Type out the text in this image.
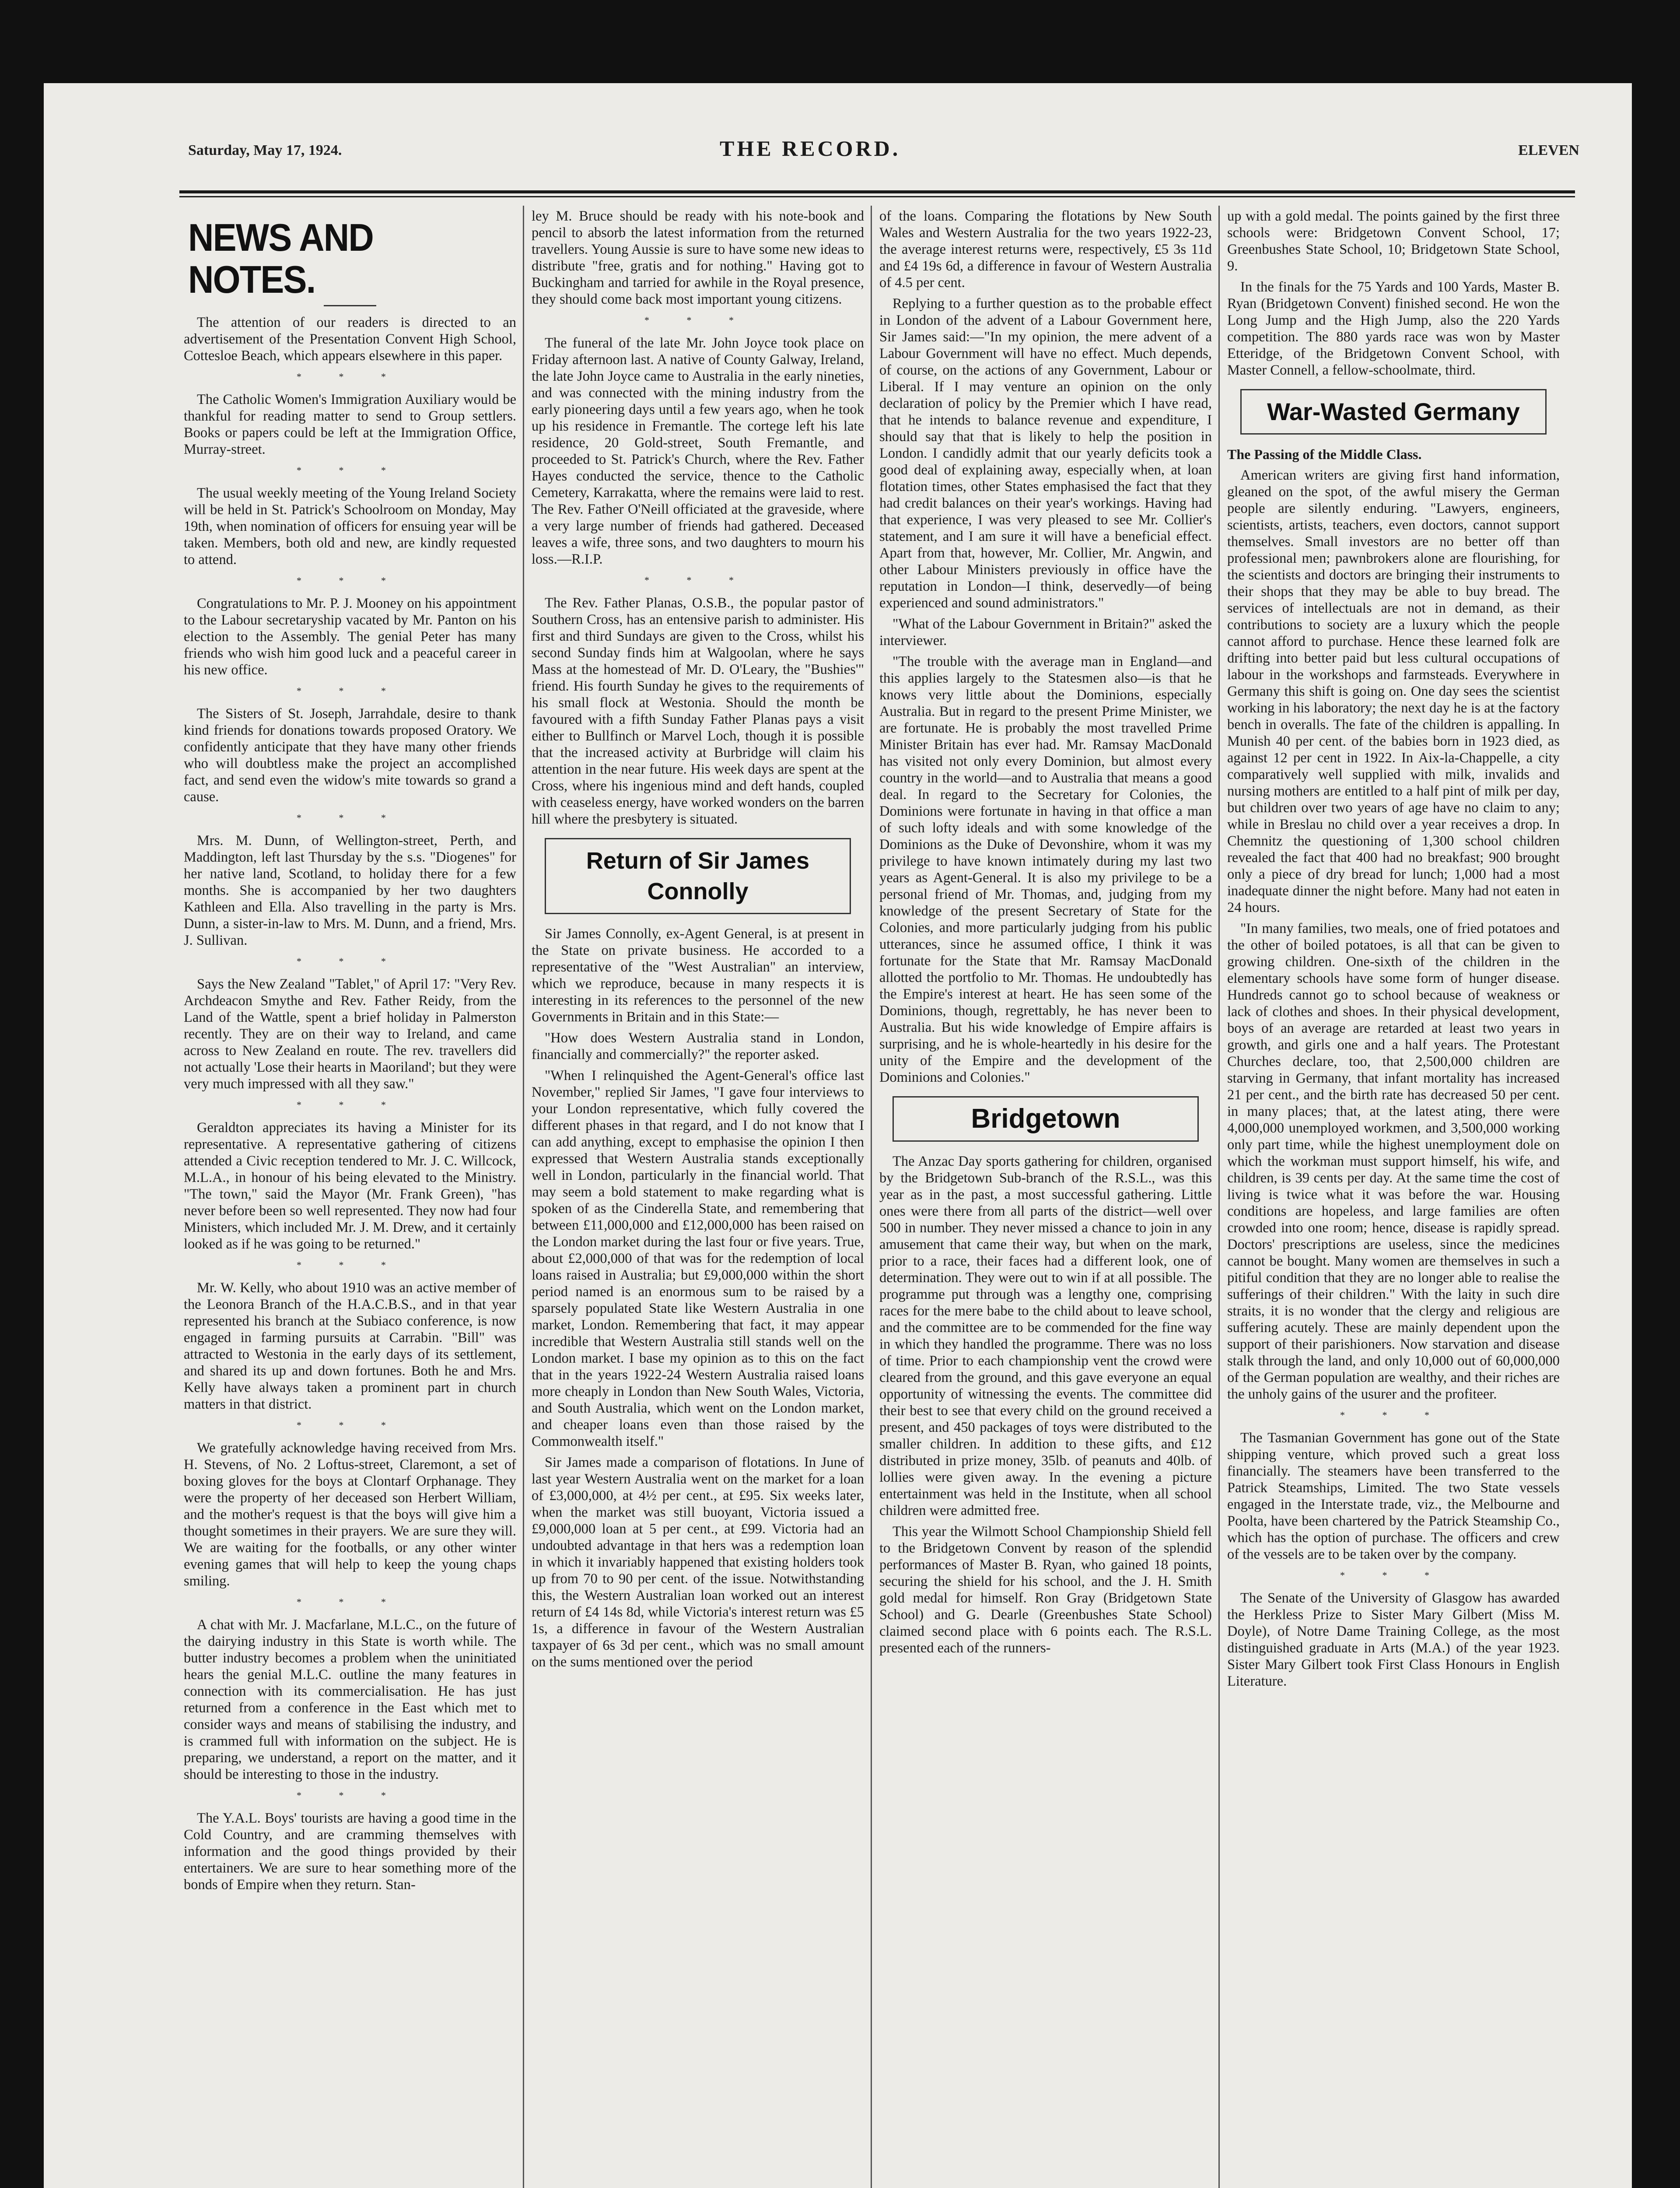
Saturday, May 17, 1924.	THE RECORD.	ELEVEN
NEWS AND NOTES.

The attention of our readers is directed to an advertisement of the Presentation Convent High School, Cottesloe Beach, which appears elsewhere in this paper.

* * *

The Catholic Women's Immigration Auxiliary would be thankful for reading matter to send to Group settlers. Books or papers could be left at the Immigration Office, Murray-street.

* * *

The usual weekly meeting of the Young Ireland Society will be held in St. Patrick's Schoolroom on Monday, May 19th, when nomination of officers for ensuing year will be taken. Members, both old and new, are kindly requested to attend.

* * *

Congratulations to Mr. P. J. Mooney on his appointment to the Labour secretaryship vacated by Mr. Panton on his election to the Assembly. The genial Peter has many friends who wish him good luck and a peaceful career in his new office.

* * *

The Sisters of St. Joseph, Jarrahdale, desire to thank kind friends for donations towards proposed Oratory. We confidently anticipate that they have many other friends who will doubtless make the project an accomplished fact, and send even the widow's mite towards so grand a cause.

* * *

Mrs. M. Dunn, of Wellington-street, Perth, and Maddington, left last Thursday by the s.s. "Diogenes" for her native land, Scotland, to holiday there for a few months. She is accompanied by her two daughters Kathleen and Ella. Also travelling in the party is Mrs. Dunn, a sister-in-law to Mrs. M. Dunn, and a friend, Mrs. J. Sullivan.

* * *

Says the New Zealand "Tablet," of April 17: "Very Rev. Archdeacon Smythe and Rev. Father Reidy, from the Land of the Wattle, spent a brief holiday in Palmerston recently. They are on their way to Ireland, and came across to New Zealand en route. The rev. travellers did not actually 'Lose their hearts in Maoriland'; but they were very much impressed with all they saw."

* * *

Geraldton appreciates its having a Minister for its representative. A representative gathering of citizens attended a Civic reception tendered to Mr. J. C. Willcock, M.L.A., in honour of his being elevated to the Ministry. "The town," said the Mayor (Mr. Frank Green), "has never before been so well represented. They now had four Ministers, which included Mr. J. M. Drew, and it certainly looked as if he was going to be returned."

* * *

Mr. W. Kelly, who about 1910 was an active member of the Leonora Branch of the H.A.C.B.S., and in that year represented his branch at the Subiaco conference, is now engaged in farming pursuits at Carrabin. "Bill" was attracted to Westonia in the early days of its settlement, and shared its up and down fortunes. Both he and Mrs. Kelly have always taken a prominent part in church matters in that district.

* * *

We gratefully acknowledge having received from Mrs. H. Stevens, of No. 2 Loftus-street, Claremont, a set of boxing gloves for the boys at Clontarf Orphanage. They were the property of her deceased son Herbert William, and the mother's request is that the boys will give him a thought sometimes in their prayers. We are sure they will. We are waiting for the footballs, or any other winter evening games that will help to keep the young chaps smiling.

* * *

A chat with Mr. J. Macfarlane, M.L.C., on the future of the dairying industry in this State is worth while. The butter industry becomes a problem when the uninitiated hears the genial M.L.C. outline the many features in connection with its commercialisation. He has just returned from a conference in the East which met to consider ways and means of stabilising the industry, and is crammed full with information on the subject. He is preparing, we understand, a report on the matter, and it should be interesting to those in the industry.

* * *

The Y.A.L. Boys' tourists are having a good time in the Cold Country, and are cramming themselves with information and the good things provided by their entertainers. We are sure to hear something more of the bonds of Empire when they return. Stan-

ley M. Bruce should be ready with his note-book and pencil to absorb the latest information from the returned travellers. Young Aussie is sure to have some new ideas to distribute "free, gratis and for nothing." Having got to Buckingham and tarried for awhile in the Royal presence, they should come back most important young citizens.

* * *

The funeral of the late Mr. John Joyce took place on Friday afternoon last. A native of County Galway, Ireland, the late John Joyce came to Australia in the early nineties, and was connected with the mining industry from the early pioneering days until a few years ago, when he took up his residence in Fremantle. The cortege left his late residence, 20 Gold-street, South Fremantle, and proceeded to St. Patrick's Church, where the Rev. Father Hayes conducted the service, thence to the Catholic Cemetery, Karrakatta, where the remains were laid to rest. The Rev. Father O'Neill officiated at the graveside, where a very large number of friends had gathered. Deceased leaves a wife, three sons, and two daughters to mourn his loss.—R.I.P.

* * *

The Rev. Father Planas, O.S.B., the popular pastor of Southern Cross, has an entensive parish to administer. His first and third Sundays are given to the Cross, whilst his second Sunday finds him at Walgoolan, where he says Mass at the homestead of Mr. D. O'Leary, the "Bushies'" friend. His fourth Sunday he gives to the requirements of his small flock at Westonia. Should the month be favoured with a fifth Sunday Father Planas pays a visit either to Bullfinch or Marvel Loch, though it is possible that the increased activity at Burbridge will claim his attention in the near future. His week days are spent at the Cross, where his ingenious mind and deft hands, coupled with ceaseless energy, have worked wonders on the barren hill where the presbytery is situated.

Return of Sir James Connolly

Sir James Connolly, ex-Agent General, is at present in the State on private business. He accorded to a representative of the "West Australian" an interview, which we reproduce, because in many respects it is interesting in its references to the personnel of the new Governments in Britain and in this State:—

"How does Western Australia stand in London, financially and commercially?" the reporter asked.

"When I relinquished the Agent-General's office last November," replied Sir James, "I gave four interviews to your London representative, which fully covered the different phases in that regard, and I do not know that I can add anything, except to emphasise the opinion I then expressed that Western Australia stands exceptionally well in London, particularly in the financial world. That may seem a bold statement to make regarding what is spoken of as the Cinderella State, and remembering that between £11,000,000 and £12,000,000 has been raised on the London market during the last four or five years. True, about £2,000,000 of that was for the redemption of local loans raised in Australia; but £9,000,000 within the short period named is an enormous sum to be raised by a sparsely populated State like Western Australia in one market, London. Remembering that fact, it may appear incredible that Western Australia still stands well on the London market. I base my opinion as to this on the fact that in the years 1922-24 Western Australia raised loans more cheaply in London than New South Wales, Victoria, and South Australia, which went on the London market, and cheaper loans even than those raised by the Commonwealth itself."

Sir James made a comparison of flotations. In June of last year Western Australia went on the market for a loan of £3,000,000, at 4½ per cent., at £95. Six weeks later, when the market was still buoyant, Victoria issued a £9,000,000 loan at 5 per cent., at £99. Victoria had an undoubted advantage in that hers was a redemption loan in which it invariably happened that existing holders took up from 70 to 90 per cent. of the issue. Notwithstanding this, the Western Australian loan worked out an interest return of £4 14s 8d, while Victoria's interest return was £5 1s, a difference in favour of the Western Australian taxpayer of 6s 3d per cent., which was no small amount on the sums mentioned over the period

of the loans. Comparing the flotations by New South Wales and Western Australia for the two years 1922-23, the average interest returns were, respectively, £5 3s 11d and £4 19s 6d, a difference in favour of Western Australia of 4.5 per cent.

Replying to a further question as to the probable effect in London of the advent of a Labour Government here, Sir James said:—"In my opinion, the mere advent of a Labour Government will have no effect. Much depends, of course, on the actions of any Government, Labour or Liberal. If I may venture an opinion on the only declaration of policy by the Premier which I have read, that he intends to balance revenue and expenditure, I should say that that is likely to help the position in London. I candidly admit that our yearly deficits took a good deal of explaining away, especially when, at loan flotation times, other States emphasised the fact that they had credit balances on their year's workings. Having had that experience, I was very pleased to see Mr. Collier's statement, and I am sure it will have a beneficial effect. Apart from that, however, Mr. Collier, Mr. Angwin, and other Labour Ministers previously in office have the reputation in London—I think, deservedly—of being experienced and sound administrators."

"What of the Labour Government in Britain?" asked the interviewer.

"The trouble with the average man in England—and this applies largely to the Statesmen also—is that he knows very little about the Dominions, especially Australia. But in regard to the present Prime Minister, we are fortunate. He is probably the most travelled Prime Minister Britain has ever had. Mr. Ramsay MacDonald has visited not only every Dominion, but almost every country in the world—and to Australia that means a good deal. In regard to the Secretary for Colonies, the Dominions were fortunate in having in that office a man of such lofty ideals and with some knowledge of the Dominions as the Duke of Devonshire, whom it was my privilege to have known intimately during my last two years as Agent-General. It is also my privilege to be a personal friend of Mr. Thomas, and, judging from my knowledge of the present Secretary of State for the Colonies, and more particularly judging from his public utterances, since he assumed office, I think it was fortunate for the State that Mr. Ramsay MacDonald allotted the portfolio to Mr. Thomas. He undoubtedly has the Empire's interest at heart. He has seen some of the Dominions, though, regrettably, he has never been to Australia. But his wide knowledge of Empire affairs is surprising, and he is whole-heartedly in his desire for the unity of the Empire and the development of the Dominions and Colonies."

Bridgetown

The Anzac Day sports gathering for children, organised by the Bridgetown Sub-branch of the R.S.L., was this year as in the past, a most successful gathering. Little ones were there from all parts of the district—well over 500 in number. They never missed a chance to join in any amusement that came their way, but when on the mark, prior to a race, their faces had a different look, one of determination. They were out to win if at all possible. The programme put through was a lengthy one, comprising races for the mere babe to the child about to leave school, and the committee are to be commended for the fine way in which they handled the programme. There was no loss of time. Prior to each championship vent the crowd were cleared from the ground, and this gave everyone an equal opportunity of witnessing the events. The committee did their best to see that every child on the ground received a present, and 450 packages of toys were distributed to the smaller children. In addition to these gifts, and £12 distributed in prize money, 35lb. of peanuts and 40lb. of lollies were given away. In the evening a picture entertainment was held in the Institute, when all school children were admitted free.

This year the Wilmott School Championship Shield fell to the Bridgetown Convent by reason of the splendid performances of Master B. Ryan, who gained 18 points, securing the shield for his school, and the J. H. Smith gold medal for himself. Ron Gray (Bridgetown State School) and G. Dearle (Greenbushes State School) claimed second place with 6 points each. The R.S.L. presented each of the runners-

up with a gold medal. The points gained by the first three schools were: Bridgetown Convent School, 17; Greenbushes State School, 10; Bridgetown State School, 9.

In the finals for the 75 Yards and 100 Yards, Master B. Ryan (Bridgetown Convent) finished second. He won the Long Jump and the High Jump, also the 220 Yards competition. The 880 yards race was won by Master Etteridge, of the Bridgetown Convent School, with Master Connell, a fellow-schoolmate, third.

War-Wasted Germany
The Passing of the Middle Class.

American writers are giving first hand information, gleaned on the spot, of the awful misery the German people are silently enduring. "Lawyers, engineers, scientists, artists, teachers, even doctors, cannot support themselves. Small investors are no better off than professional men; pawnbrokers alone are flourishing, for the scientists and doctors are bringing their instruments to their shops that they may be able to buy bread. The services of intellectuals are not in demand, as their contributions to society are a luxury which the people cannot afford to purchase. Hence these learned folk are drifting into better paid but less cultural occupations of labour in the workshops and farmsteads. Everywhere in Germany this shift is going on. One day sees the scientist working in his laboratory; the next day he is at the factory bench in overalls. The fate of the children is appalling. In Munish 40 per cent. of the babies born in 1923 died, as against 12 per cent in 1922. In Aix-la-Chappelle, a city comparatively well supplied with milk, invalids and nursing mothers are entitled to a half pint of milk per day, but children over two years of age have no claim to any; while in Breslau no child over a year receives a drop. In Chemnitz the questioning of 1,300 school children revealed the fact that 400 had no breakfast; 900 brought only a piece of dry bread for lunch; 1,000 had a most inadequate dinner the night before. Many had not eaten in 24 hours.

"In many families, two meals, one of fried potatoes and the other of boiled potatoes, is all that can be given to growing children. One-sixth of the children in the elementary schools have some form of hunger disease. Hundreds cannot go to school because of weakness or lack of clothes and shoes. In their physical development, boys of an average are retarded at least two years in growth, and girls one and a half years. The Protestant Churches declare, too, that 2,500,000 children are starving in Germany, that infant mortality has increased 21 per cent., and the birth rate has decreased 50 per cent. in many places; that, at the latest ating, there were 4,000,000 unemployed workmen, and 3,500,000 working only part time, while the highest unemployment dole on which the workman must support himself, his wife, and children, is 39 cents per day. At the same time the cost of living is twice what it was before the war. Housing conditions are hopeless, and large families are often crowded into one room; hence, disease is rapidly spread. Doctors' prescriptions are useless, since the medicines cannot be bought. Many women are themselves in such a pitiful condition that they are no longer able to realise the sufferings of their children." With the laity in such dire straits, it is no wonder that the clergy and religious are suffering acutely. These are mainly dependent upon the support of their parishioners. Now starvation and disease stalk through the land, and only 10,000 out of 60,000,000 of the German population are wealthy, and their riches are the unholy gains of the usurer and the profiteer.

* * *

The Tasmanian Government has gone out of the State shipping venture, which proved such a great loss financially. The steamers have been transferred to the Patrick Steamships, Limited. The two State vessels engaged in the Interstate trade, viz., the Melbourne and Poolta, have been chartered by the Patrick Steamship Co., which has the option of purchase. The officers and crew of the vessels are to be taken over by the company.

* * *

The Senate of the University of Glasgow has awarded the Herkless Prize to Sister Mary Gilbert (Miss M. Doyle), of Notre Dame Training College, as the most distinguished graduate in Arts (M.A.) of the year 1923. Sister Mary Gilbert took First Class Honours in English Literature.
